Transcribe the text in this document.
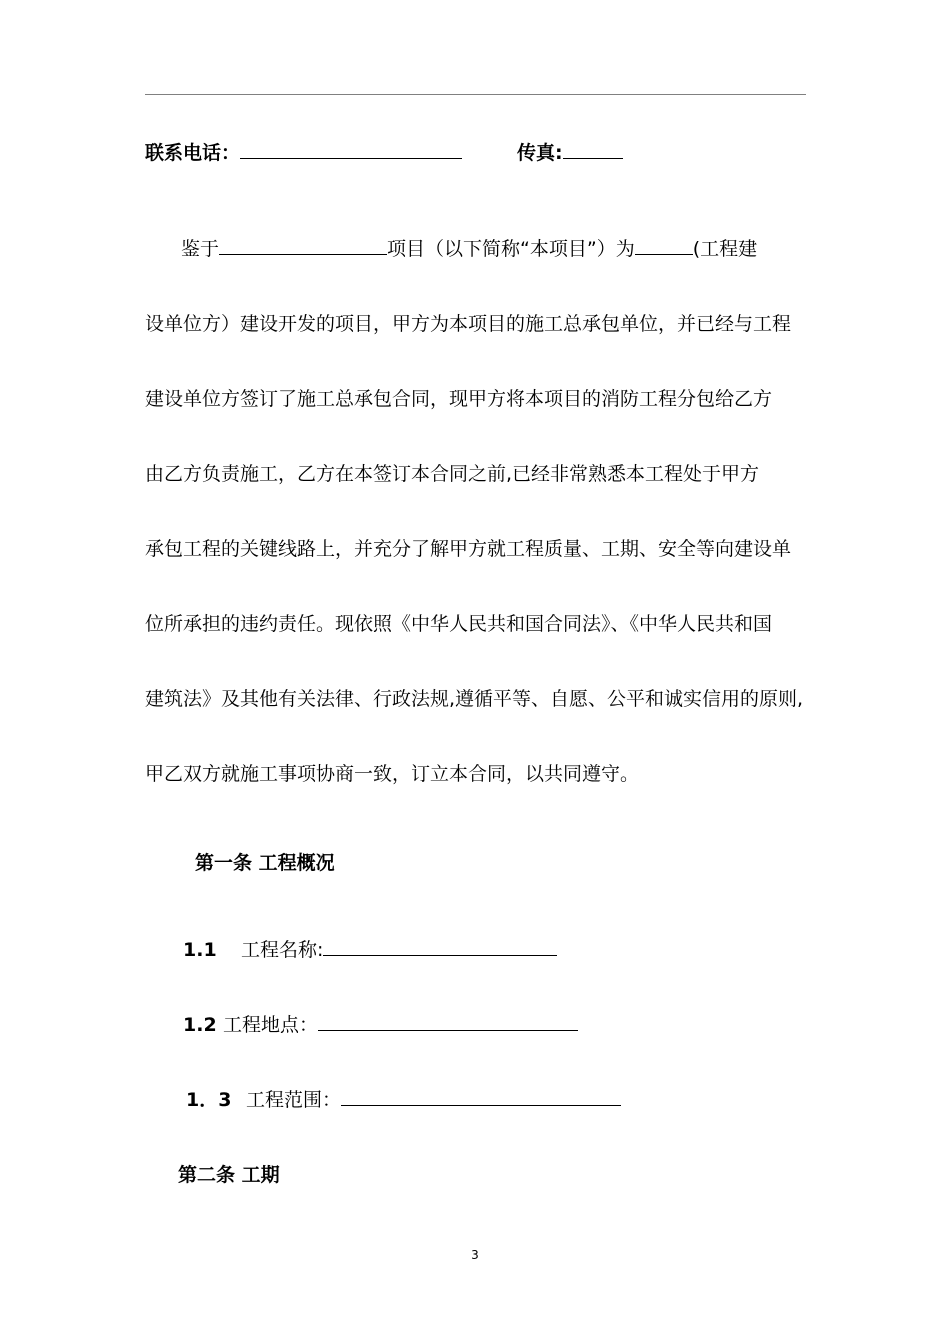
联系电话：	传真:

鉴于	项目（以下简称“本项目”）为	(工程建

设单位方）建设开发的项目，甲方为本项目的施工总承包单位，并已经与工程

建设单位方签订了施工总承包合同，现甲方将本项目的消防工程分包给乙方

由乙方负责施工，乙方在本签订本合同之前,已经非常熟悉本工程处于甲方

承包工程的关键线路上，并充分了解甲方就工程质量、工期、安全等向建设单

位所承担的违约责任。现依照《中华人民共和国合同法》、《中华人民共和国

建筑法》及其他有关法律、行政法规,遵循平等、自愿、公平和诚实信用的原则,

甲乙双方就施工事项协商一致，订立本合同，以共同遵守。

第一条 工程概况
1.1 工程名称:
1.2 工程地点：
1．3 工程范围：
第二条 工期
3
